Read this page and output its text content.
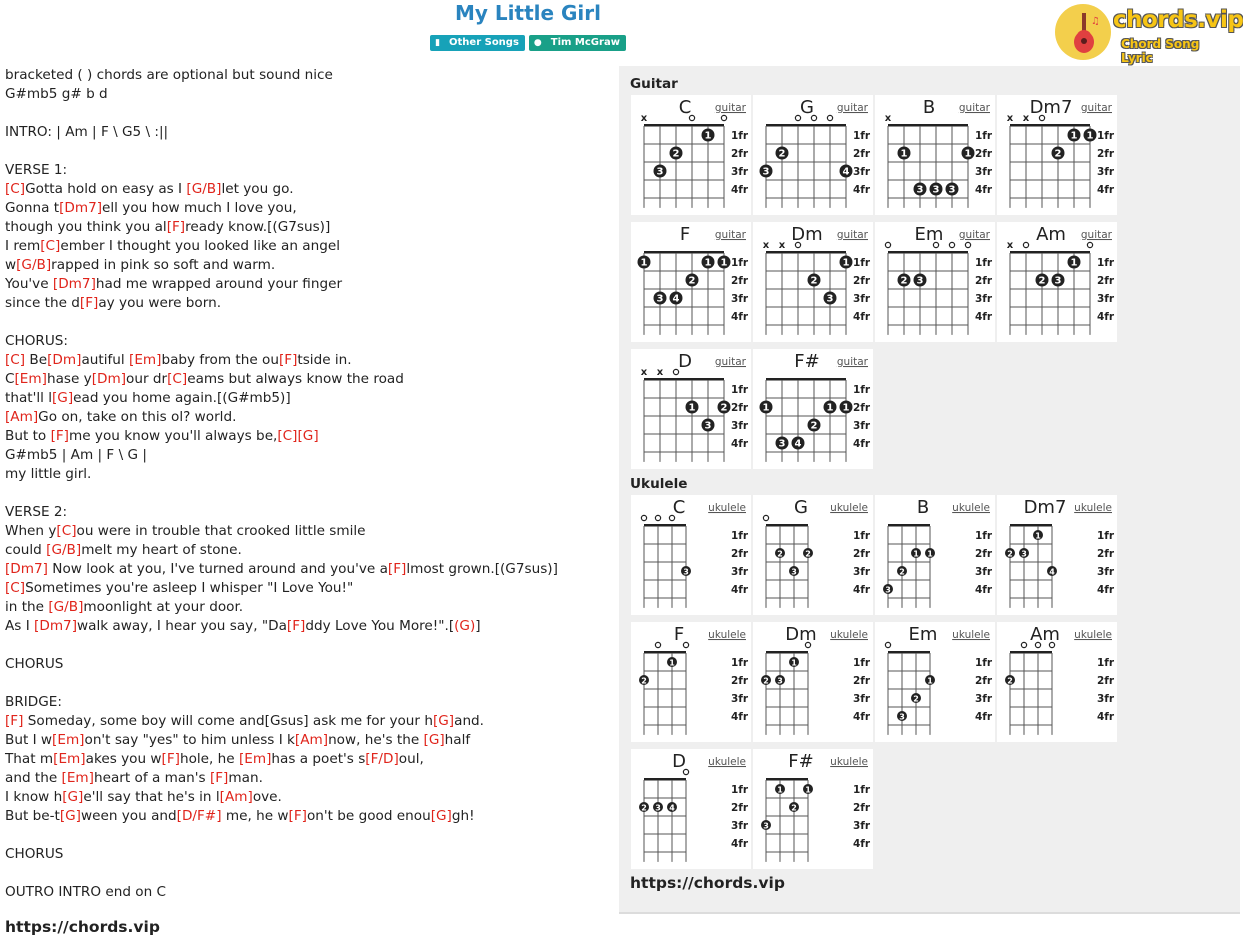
My Little Girl
▮ Other Songs ● Tim McGraw
♫ chords.vip
Chord Song Lyric
bracketed ( ) chords are optional but sound nice
G#mb5 g# b d
INTRO: | Am | F \ G5 \ :||
VERSE 1:
[C]Gotta hold on easy as I [G/B]let you go.
Gonna t[Dm7]ell you how much I love you,
though you think you al[F]ready know.[(G7sus)]
I rem[C]ember I thought you looked like an angel
w[G/B]rapped in pink so soft and warm.
You've [Dm7]had me wrapped around your finger
since the d[F]ay you were born.
CHORUS:
[C] Be[Dm]autiful [Em]baby from the ou[F]tside in.
C[Em]hase y[Dm]our dr[C]eams but always know the road
that'll l[G]ead you home again.[(G#mb5)]
[Am]Go on, take on this ol? world.
But to [F]me you know you'll always be,[C][G]
G#mb5 | Am | F \ G |
my little girl.
VERSE 2:
When y[C]ou were in trouble that crooked little smile
could [G/B]melt my heart of stone.
[Dm7] Now look at you, I've turned around and you've a[F]lmost grown.[(G7sus)]
[C]Sometimes you're asleep I whisper "I Love You!"
in the [G/B]moonlight at your door.
As I [Dm7]walk away, I hear you say, "Da[F]ddy Love You More!".[(G)]
CHORUS
BRIDGE:
[F] Someday, some boy will come and[Gsus] ask me for your h[G]and.
But I w[Em]on't say "yes" to him unless I k[Am]now, he's the [G]half
That m[Em]akes you w[F]hole, he [Em]has a poet's s[F/D]oul,
and the [Em]heart of a man's [F]man.
I know h[G]e'll say that he's in l[Am]ove.
But be-t[G]ween you and[D/F#] me, he w[F]on't be good enou[G]gh!
CHORUS
OUTRO INTRO end on C
https://chords.vip
Guitar
C guitar
1fr
2fr
3fr
4fr
x
3
2
1
G guitar
1fr
2fr
3fr
4fr
3
2
4
B guitar
1fr
2fr
3fr
4fr
x
1
3 3 3
1
Dm7 guitar
1fr
2fr
3fr
4fr
x x
2
1 1
F guitar
1fr
2fr
3fr
4fr
1
3 4
2
1 1
Dm guitar
1fr
2fr
3fr
4fr
x x
2
3
1
Em guitar
1fr
2fr
3fr
4fr
2 3
Am guitar
1fr
2fr
3fr
4fr
x
2 3
1
D guitar
1fr
2fr
3fr
4fr
x x
1
3
2
F# guitar
1fr
2fr
3fr
4fr
1
3 4
2
1 1
Ukulele
C ukulele
1fr
2fr
3fr
4fr
3
G ukulele
1fr
2fr
3fr
4fr
2
3
2
B ukulele
1fr
2fr
3fr
4fr
3
2
1 1
Dm7 ukulele
1fr
2fr
3fr
4fr
2 3
1
4
F ukulele
1fr
2fr
3fr
4fr
2
1
Dm ukulele
1fr
2fr
3fr
4fr
2 3
1
Em ukulele
1fr
2fr
3fr
4fr
3
2
1
Am ukulele
1fr
2fr
3fr
4fr
2
D ukulele
1fr
2fr
3fr
4fr
2 3 4
F# ukulele
1fr
2fr
3fr
4fr
3
1
2
1
https://chords.vip
